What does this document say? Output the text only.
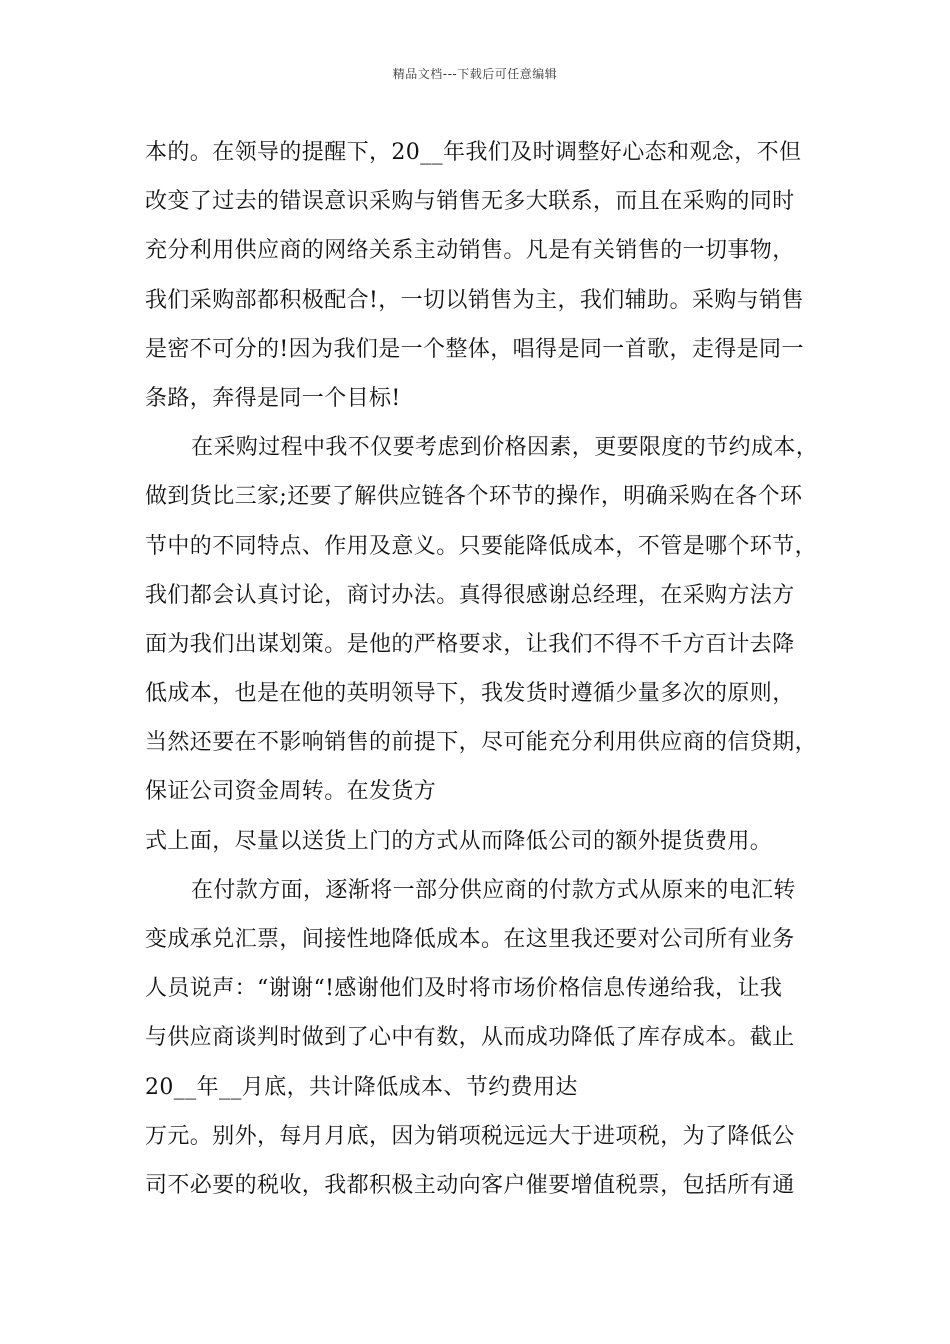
精品文档---下载后可任意编辑
本的。在领导的提醒下，20__年我们及时调整好心态和观念，不但
改变了过去的错误意识采购与销售无多大联系，而且在采购的同时
充分利用供应商的网络关系主动销售。凡是有关销售的一切事物，
我们采购部都积极配合!，一切以销售为主，我们辅助。采购与销售
是密不可分的!因为我们是一个整体，唱得是同一首歌，走得是同一
条路，奔得是同一个目标!
在采购过程中我不仅要考虑到价格因素，更要限度的节约成本，
做到货比三家;还要了解供应链各个环节的操作，明确采购在各个环
节中的不同特点、作用及意义。只要能降低成本，不管是哪个环节，
我们都会认真讨论，商讨办法。真得很感谢总经理，在采购方法方
面为我们出谋划策。是他的严格要求，让我们不得不千方百计去降
低成本，也是在他的英明领导下，我发货时遵循少量多次的原则，
当然还要在不影响销售的前提下，尽可能充分利用供应商的信贷期，
保证公司资金周转。在发货方
式上面，尽量以送货上门的方式从而降低公司的额外提货费用。
在付款方面，逐渐将一部分供应商的付款方式从原来的电汇转
变成承兑汇票，间接性地降低成本。在这里我还要对公司所有业务
人员说声：“谢谢“!感谢他们及时将市场价格信息传递给我，让我
与供应商谈判时做到了心中有数，从而成功降低了库存成本。截止
20__年__月底，共计降低成本、节约费用达
万元。别外，每月月底，因为销项税远远大于进项税，为了降低公
司不必要的税收，我都积极主动向客户催要增值税票，包括所有通
